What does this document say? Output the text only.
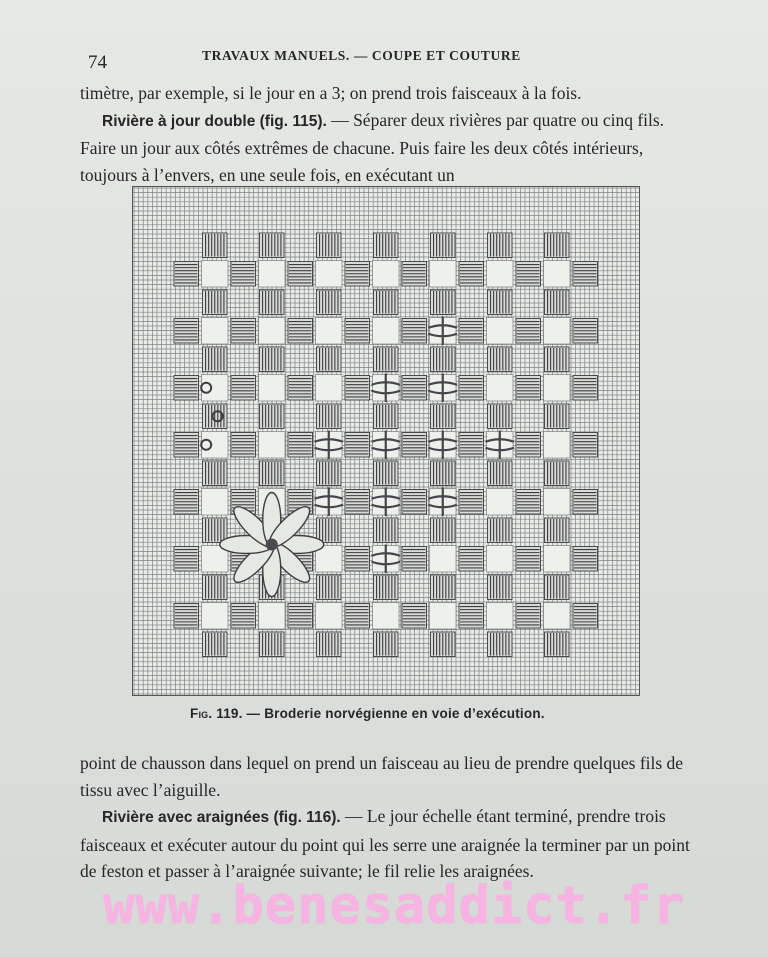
74	TRAVAUX MANUELS. — COUPE ET COUTURE

timètre, par exemple, si le jour en a 3; on prend trois faisceaux à la fois.

Rivière à jour double (fig. 115). — Séparer deux rivières par quatre ou cinq fils. Faire un jour aux côtés extrêmes de chacune. Puis faire les deux côtés intérieurs, toujours à l’envers, en une seule fois, en exécutant un

Fig. 119. — Broderie norvégienne en voie d’exécution.

point de chausson dans lequel on prend un faisceau au lieu de prendre quelques fils de tissu avec l’aiguille.

Rivière avec araignées (fig. 116). — Le jour échelle étant terminé, prendre trois faisceaux et exécuter autour du point qui les serre une araignée la terminer par un point de feston et passer à l’araignée suivante; le fil relie les araignées.

www.benesaddict.fr
